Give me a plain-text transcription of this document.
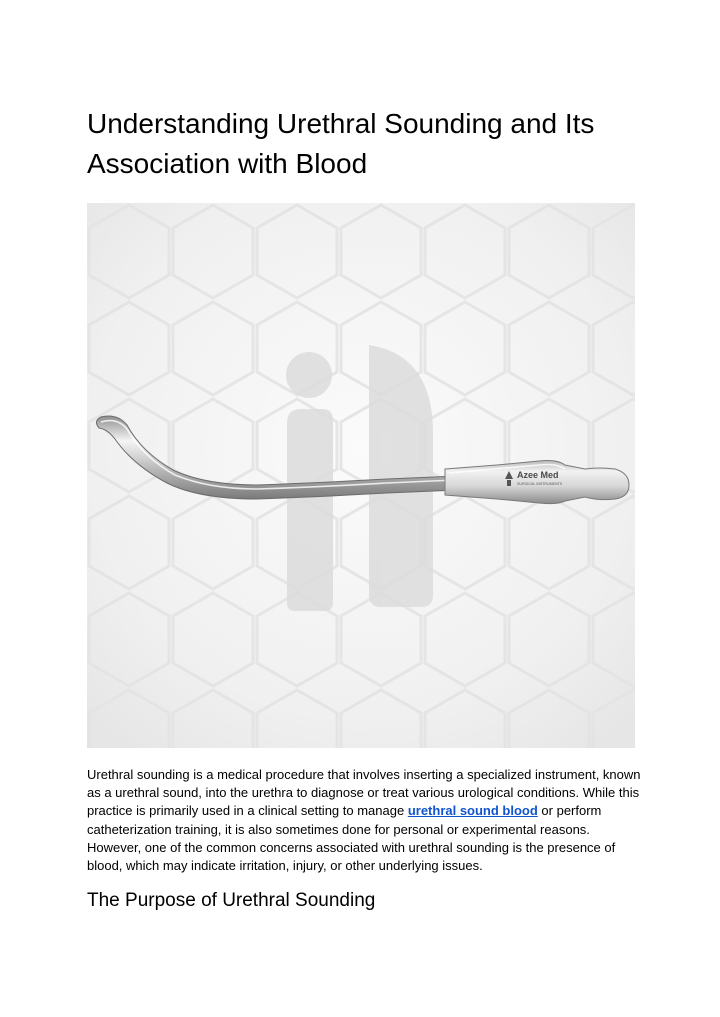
Understanding Urethral Sounding and Its Association with Blood
Azee Med
SURGICAL INSTRUMENTS

Urethral sounding is a medical procedure that involves inserting a specialized instrument, known as a urethral sound, into the urethra to diagnose or treat various urological conditions. While this practice is primarily used in a clinical setting to manage urethral sound blood or perform catheterization training, it is also sometimes done for personal or experimental reasons. However, one of the common concerns associated with urethral sounding is the presence of blood, which may indicate irritation, injury, or other underlying issues.

The Purpose of Urethral Sounding
